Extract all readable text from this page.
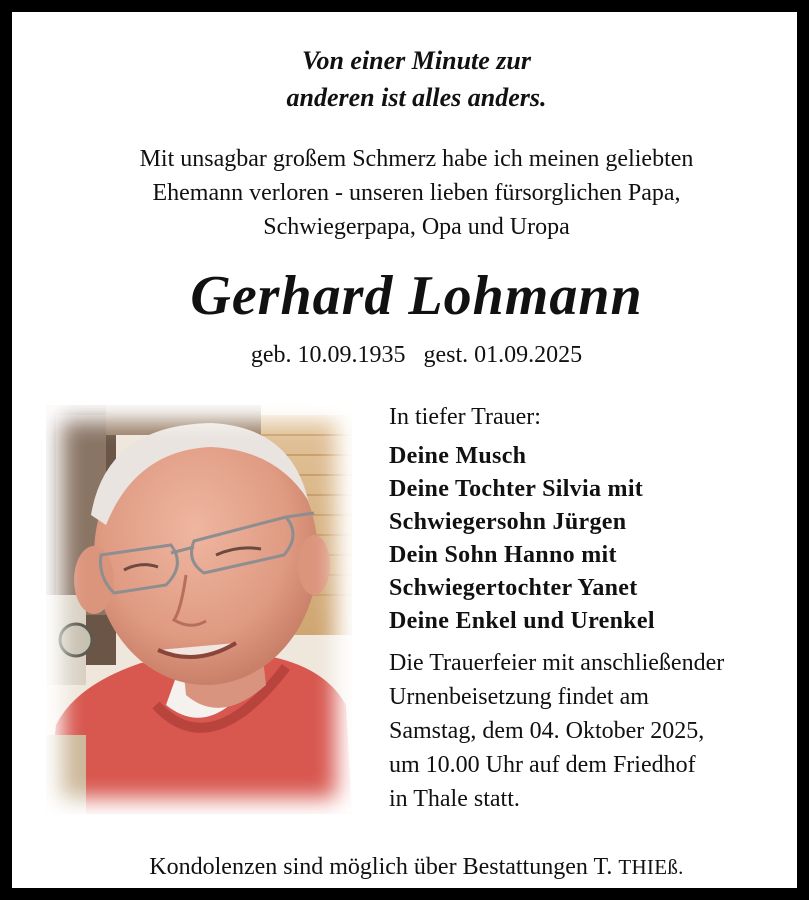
Von einer Minute zur
anderen ist alles anders.
Mit unsagbar großem Schmerz habe ich meinen geliebten
Ehemann verloren - unseren lieben fürsorglichen Papa,
Schwiegerpapa, Opa und Uropa
Gerhard Lohmann
geb. 10.09.1935   gest. 01.09.2025
In tiefer Trauer:
Deine Musch
Deine Tochter Silvia mit
Schwiegersohn Jürgen
Dein Sohn Hanno mit
Schwiegertochter Yanet
Deine Enkel und Urenkel
Die Trauerfeier mit anschließender
Urnenbeisetzung findet am
Samstag, dem 04. Oktober 2025,
um 10.00 Uhr auf dem Friedhof
in Thale statt.
Kondolenzen sind möglich über Bestattungen T. THIEß.
